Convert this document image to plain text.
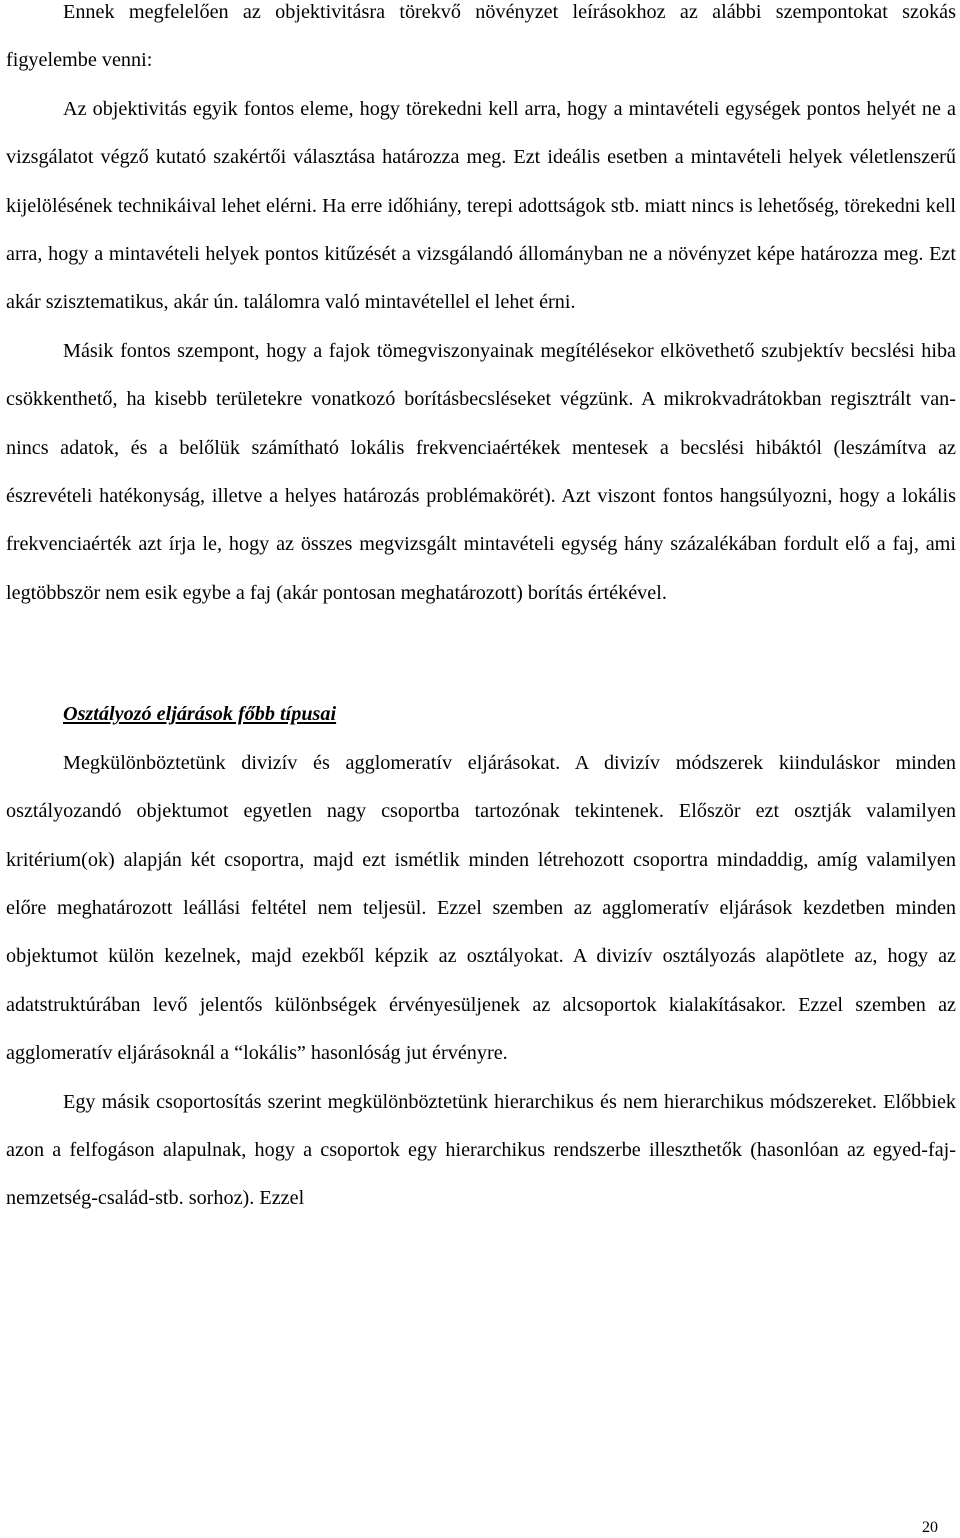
Ennek megfelelően az objektivitásra törekvő növényzet leírásokhoz az alábbi szempontokat szokás figyelembe venni:

Az objektivitás egyik fontos eleme, hogy törekedni kell arra, hogy a mintavételi egységek pontos helyét ne a vizsgálatot végző kutató szakértői választása határozza meg. Ezt ideális esetben a mintavételi helyek véletlenszerű kijelölésének technikáival lehet elérni. Ha erre időhiány, terepi adottságok stb. miatt nincs is lehetőség, törekedni kell arra, hogy a mintavételi helyek pontos kitűzését a vizsgálandó állományban ne a növényzet képe határozza meg. Ezt akár szisztematikus, akár ún. találomra való mintavétellel el lehet érni.

Másik fontos szempont, hogy a fajok tömegviszonyainak megítélésekor elkövethető szubjektív becslési hiba csökkenthető, ha kisebb területekre vonatkozó borításbecsléseket végzünk. A mikrokvadrátokban regisztrált van-nincs adatok, és a belőlük számítható lokális frekvenciaértékek mentesek a becslési hibáktól (leszámítva az észrevételi hatékonyság, illetve a helyes határozás problémakörét). Azt viszont fontos hangsúlyozni, hogy a lokális frekvenciaérték azt írja le, hogy az összes megvizsgált mintavételi egység hány százalékában fordult elő a faj, ami legtöbbször nem esik egybe a faj (akár pontosan meghatározott) borítás értékével.

Osztályozó eljárások főbb típusai

Megkülönböztetünk divizív és agglomeratív eljárásokat. A divizív módszerek kiinduláskor minden osztályozandó objektumot egyetlen nagy csoportba tartozónak tekintenek. Először ezt osztják valamilyen kritérium(ok) alapján két csoportra, majd ezt ismétlik minden létrehozott csoportra mindaddig, amíg valamilyen előre meghatározott leállási feltétel nem teljesül. Ezzel szemben az agglomeratív eljárások kezdetben minden objektumot külön kezelnek, majd ezekből képzik az osztályokat. A divizív osztályozás alapötlete az, hogy az adatstruktúrában levő jelentős különbségek érvényesüljenek az alcsoportok kialakításakor. Ezzel szemben az agglomeratív eljárásoknál a “lokális” hasonlóság jut érvényre.

Egy másik csoportosítás szerint megkülönböztetünk hierarchikus és nem hierarchikus módszereket. Előbbiek azon a felfogáson alapulnak, hogy a csoportok egy hierarchikus rendszerbe illeszthetők (hasonlóan az egyed-faj-nemzetség-család-stb. sorhoz). Ezzel

20
